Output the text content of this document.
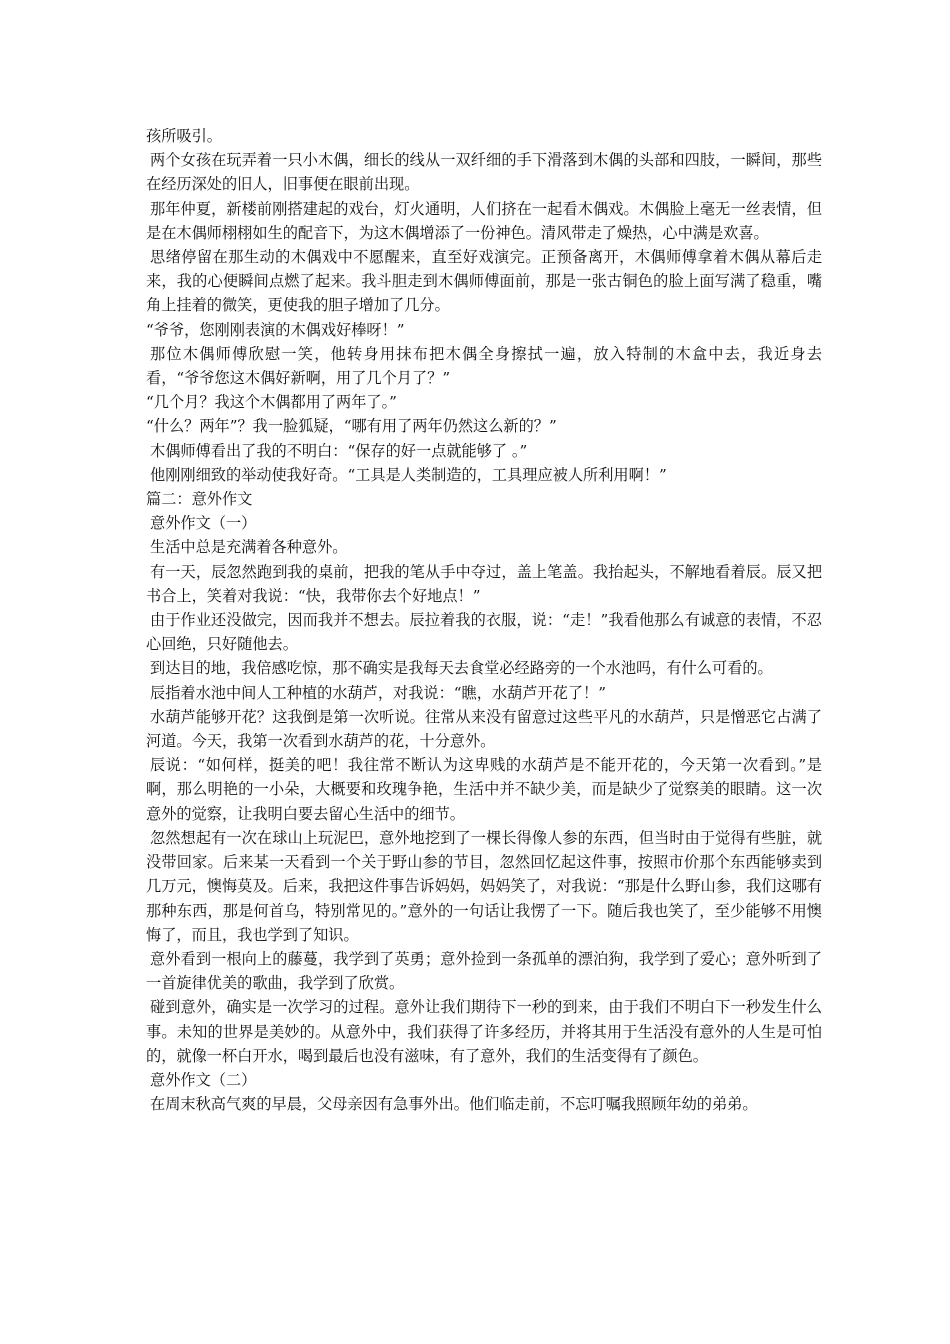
孩所吸引。

两个女孩在玩弄着一只小木偶，细长的线从一双纤细的手下滑落到木偶的头部和四肢，一瞬间，那些在经历深处的旧人，旧事便在眼前出现。

那年仲夏，新楼前刚搭建起的戏台，灯火通明，人们挤在一起看木偶戏。木偶脸上毫无一丝表情，但是在木偶师栩栩如生的配音下，为这木偶增添了一份神色。清风带走了燥热，心中满是欢喜。

思绪停留在那生动的木偶戏中不愿醒来，直至好戏演完。正预备离开，木偶师傅拿着木偶从幕后走来，我的心便瞬间点燃了起来。我斗胆走到木偶师傅面前，那是一张古铜色的脸上面写满了稳重，嘴角上挂着的微笑，更使我的胆子增加了几分。

“爷爷，您刚刚表演的木偶戏好棒呀！”

那位木偶师傅欣慰一笑，他转身用抹布把木偶全身擦拭一遍，放入特制的木盒中去，我近身去看，“爷爷您这木偶好新啊，用了几个月了？”

“几个月？我这个木偶都用了两年了。”

“什么？两年”？我一脸狐疑，“哪有用了两年仍然这么新的？”

木偶师傅看出了我的不明白：“保存的好一点就能够了 。”

他刚刚细致的举动使我好奇。“工具是人类制造的，工具理应被人所利用啊！”

篇二：意外作文

意外作文（一）

生活中总是充满着各种意外。

有一天，辰忽然跑到我的桌前，把我的笔从手中夺过，盖上笔盖。我抬起头，不解地看着辰。辰又把书合上，笑着对我说：“快，我带你去个好地点！”

由于作业还没做完，因而我并不想去。辰拉着我的衣服，说：“走！”我看他那么有诚意的表情，不忍心回绝，只好随他去。

到达目的地，我倍感吃惊，那不确实是我每天去食堂必经路旁的一个水池吗，有什么可看的。

辰指着水池中间人工种植的水葫芦，对我说：“瞧，水葫芦开花了！”

水葫芦能够开花？这我倒是第一次听说。往常从来没有留意过这些平凡的水葫芦，只是憎恶它占满了河道。今天，我第一次看到水葫芦的花，十分意外。

辰说：“如何样，挺美的吧！我往常不断认为这卑贱的水葫芦是不能开花的，今天第一次看到。”是啊，那么明艳的一小朵，大概要和玫瑰争艳，生活中并不缺少美，而是缺少了觉察美的眼睛。这一次意外的觉察，让我明白要去留心生活中的细节。

忽然想起有一次在球山上玩泥巴，意外地挖到了一棵长得像人参的东西，但当时由于觉得有些脏，就没带回家。后来某一天看到一个关于野山参的节目，忽然回忆起这件事，按照市价那个东西能够卖到几万元，懊悔莫及。后来，我把这件事告诉妈妈，妈妈笑了，对我说：“那是什么野山参，我们这哪有那种东西，那是何首乌，特别常见的。”意外的一句话让我愣了一下。随后我也笑了，至少能够不用懊悔了，而且，我也学到了知识。

意外看到一根向上的藤蔓，我学到了英勇；意外捡到一条孤单的漂泊狗，我学到了爱心；意外听到了一首旋律优美的歌曲，我学到了欣赏。

碰到意外，确实是一次学习的过程。意外让我们期待下一秒的到来，由于我们不明白下一秒发生什么事。未知的世界是美妙的。从意外中，我们获得了许多经历，并将其用于生活没有意外的人生是可怕的，就像一杯白开水，喝到最后也没有滋味，有了意外，我们的生活变得有了颜色。

意外作文（二）

在周末秋高气爽的早晨，父母亲因有急事外出。他们临走前，不忘叮嘱我照顾年幼的弟弟。
